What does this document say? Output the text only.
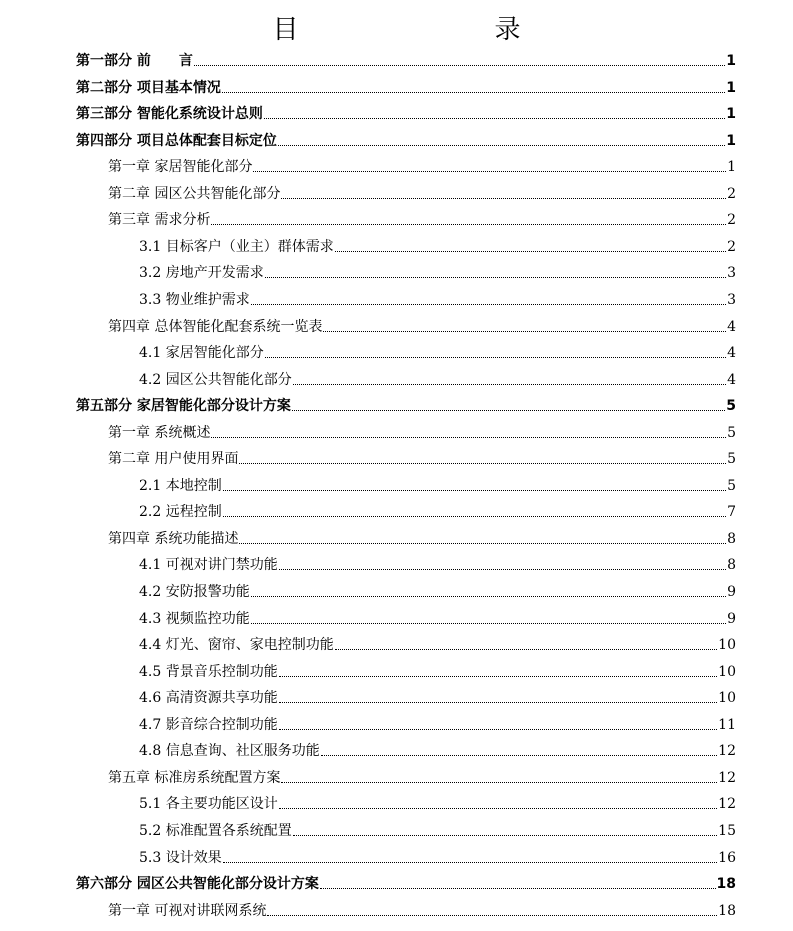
目　　录
第一部分 前　　言	1
第二部分 项目基本情况	1
第三部分 智能化系统设计总则	1
第四部分 项目总体配套目标定位	1
第一章 家居智能化部分	1
第二章 园区公共智能化部分	2
第三章 需求分析	2
3.1 目标客户（业主）群体需求	2
3.2 房地产开发需求	3
3.3 物业维护需求	3
第四章 总体智能化配套系统一览表	4
4.1 家居智能化部分	4
4.2 园区公共智能化部分	4
第五部分 家居智能化部分设计方案	5
第一章 系统概述	5
第二章 用户使用界面	5
2.1 本地控制	5
2.2 远程控制	7
第四章 系统功能描述	8
4.1 可视对讲门禁功能	8
4.2 安防报警功能	9
4.3 视频监控功能	9
4.4 灯光、窗帘、家电控制功能	10
4.5 背景音乐控制功能	10
4.6 高清资源共享功能	10
4.7 影音综合控制功能	11
4.8 信息查询、社区服务功能	12
第五章 标准房系统配置方案	12
5.1 各主要功能区设计	12
5.2 标准配置各系统配置	15
5.3 设计效果	16
第六部分 园区公共智能化部分设计方案	18
第一章 可视对讲联网系统	18
